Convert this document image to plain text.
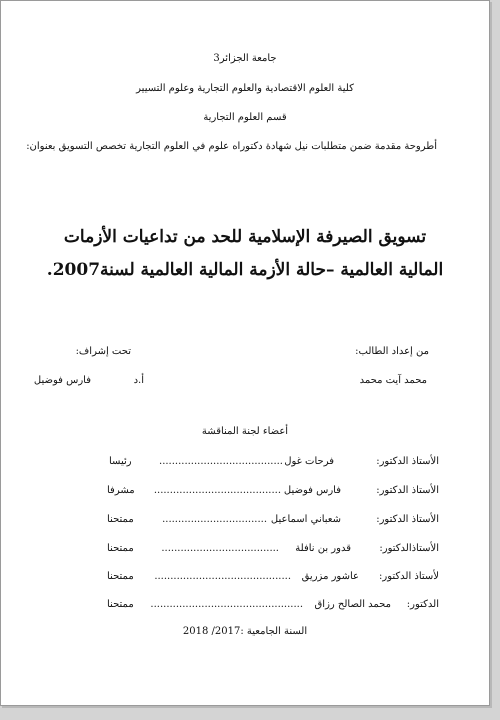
جامعة الجزائر3
كلية العلوم الاقتصادية والعلوم التجارية وعلوم التسيير
قسم العلوم التجارية
أطروحة مقدمة ضمن متطلبات نيل شهادة دكتوراه علوم في العلوم التجارية تخصص التسويق بعنوان:
تسويق الصيرفة الإسلامية للحد من تداعيات الأزمات
المالية العالمية –حالة الأزمة المالية العالمية لسنة2007.
من إعداد الطالب:
محمد آيت محمد
تحت إشراف:
أ.د
فارس فوضيل
أعضاء لجنة المناقشة
الأستاذ الدكتور:
فرحات غول
.......................................
رئيسا
الأستاذ الدكتور:
فارس فوضيل
........................................
مشرفا
الأستاذ الدكتور:
شعباني اسماعيل
.................................
ممتحنا
الأستاذالدكتور:
قدور بن نافلة
.....................................
ممتحنا
لأستاذ الدكتور:
عاشور مزريق
...........................................
ممتحنا
الدكتور:
محمد الصالح رزاق
................................................
ممتحنا
السنة الجامعية :2017/ 2018
